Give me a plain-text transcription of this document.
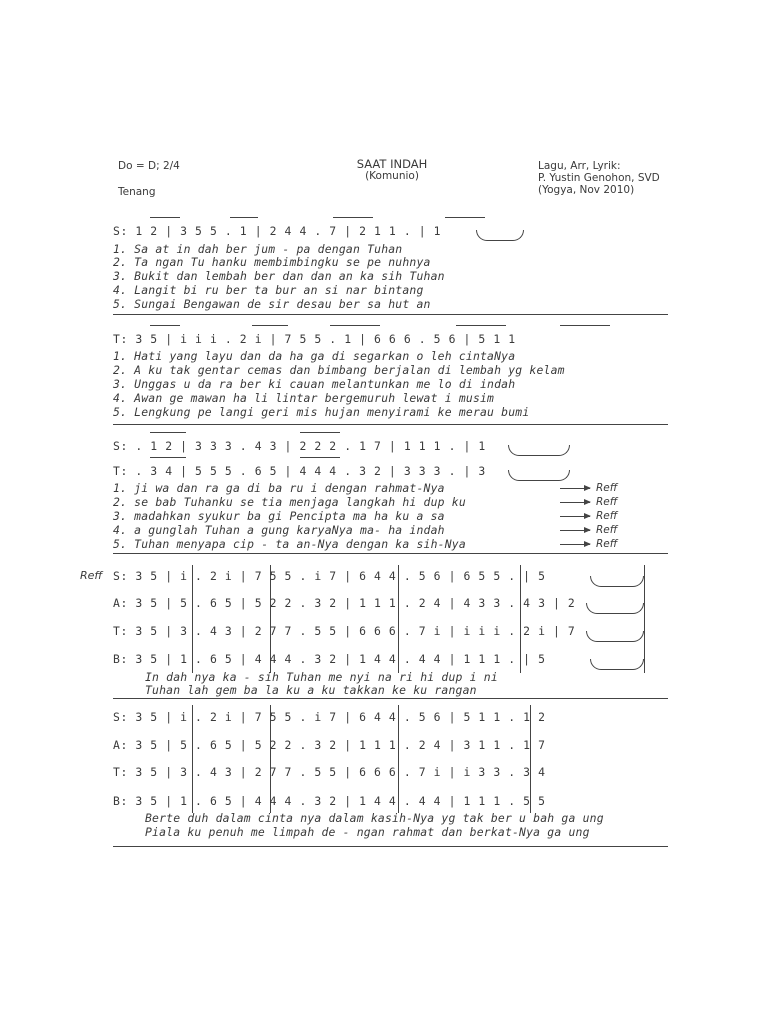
Do = D; 2/4	SAAT INDAH
(Komunio)
Lagu, Arr, Lyrik:
P. Yustin Genohon, SVD
(Yogya, Nov 2010)
Tenang
S: 1 2 | 3 5 5 . 1 | 2 4 4 . 7 | 2 1 1 . | 1
1. Sa at in dah ber jum - pa dengan Tuhan
2. Ta ngan Tu hanku membimbingku se pe nuhnya
3. Bukit dan lembah ber dan dan an ka sih Tuhan
4. Langit bi ru ber ta bur an si nar bintang
5. Sungai Bengawan de sir desau ber sa hut an
T: 3 5 | i i i . 2 i | 7 5 5 . 1 | 6 6 6 . 5 6 | 5 1 1
1. Hati yang layu dan da ha ga di segarkan o leh cintaNya
2. A ku tak gentar cemas dan bimbang berjalan di lembah yg kelam
3. Unggas u da ra ber ki cauan melantunkan me lo di indah
4. Awan ge mawan ha li lintar bergemuruh lewat i musim
5. Lengkung pe langi geri mis hujan menyirami ke merau bumi
S: . 1 2 | 3 3 3 . 4 3 | 2 2 2 . 1 7 | 1 1 1 . | 1
T: . 3 4 | 5 5 5 . 6 5 | 4 4 4 . 3 2 | 3 3 3 . | 3
1. ji wa dan ra ga di ba ru i dengan rahmat-Nya
2. se bab Tuhanku se tia menjaga langkah hi dup ku
3. madahkan syukur ba gi Pencipta ma ha ku a sa
4. a gunglah Tuhan a gung karyaNya ma- ha indah
5. Tuhan menyapa cip - ta an-Nya dengan ka sih-Nya
Reff
Reff
Reff
Reff
Reff
Reff S: 3 5 | i . 2 i | 7 5 5 . i 7 | 6 4 4 . 5 6 | 6 5 5 . | 5
A: 3 5 | 5 . 6 5 | 5 2 2 . 3 2 | 1 1 1 . 2 4 | 4 3 3 . 4 3 | 2
T: 3 5 | 3 . 4 3 | 2 7 7 . 5 5 | 6 6 6 . 7 i | i i i . 2 i | 7
B: 3 5 | 1 . 6 5 | 4 4 4 . 3 2 | 1 4 4 . 4 4 | 1 1 1 . | 5
In dah nya ka - sih Tuhan me nyi na ri hi dup i ni
Tuhan lah gem ba la ku a ku takkan ke ku rangan
S: 3 5 | i . 2 i | 7 5 5 . i 7 | 6 4 4 . 5 6 | 5 1 1 . 1 2
A: 3 5 | 5 . 6 5 | 5 2 2 . 3 2 | 1 1 1 . 2 4 | 3 1 1 . 1 7
T: 3 5 | 3 . 4 3 | 2 7 7 . 5 5 | 6 6 6 . 7 i | i 3 3 . 3 4
B: 3 5 | 1 . 6 5 | 4 4 4 . 3 2 | 1 4 4 . 4 4 | 1 1 1 . 5 5
Berte duh dalam cinta nya dalam kasih-Nya yg tak ber u bah ga ung
Piala ku penuh me limpah de - ngan rahmat dan berkat-Nya ga ung
